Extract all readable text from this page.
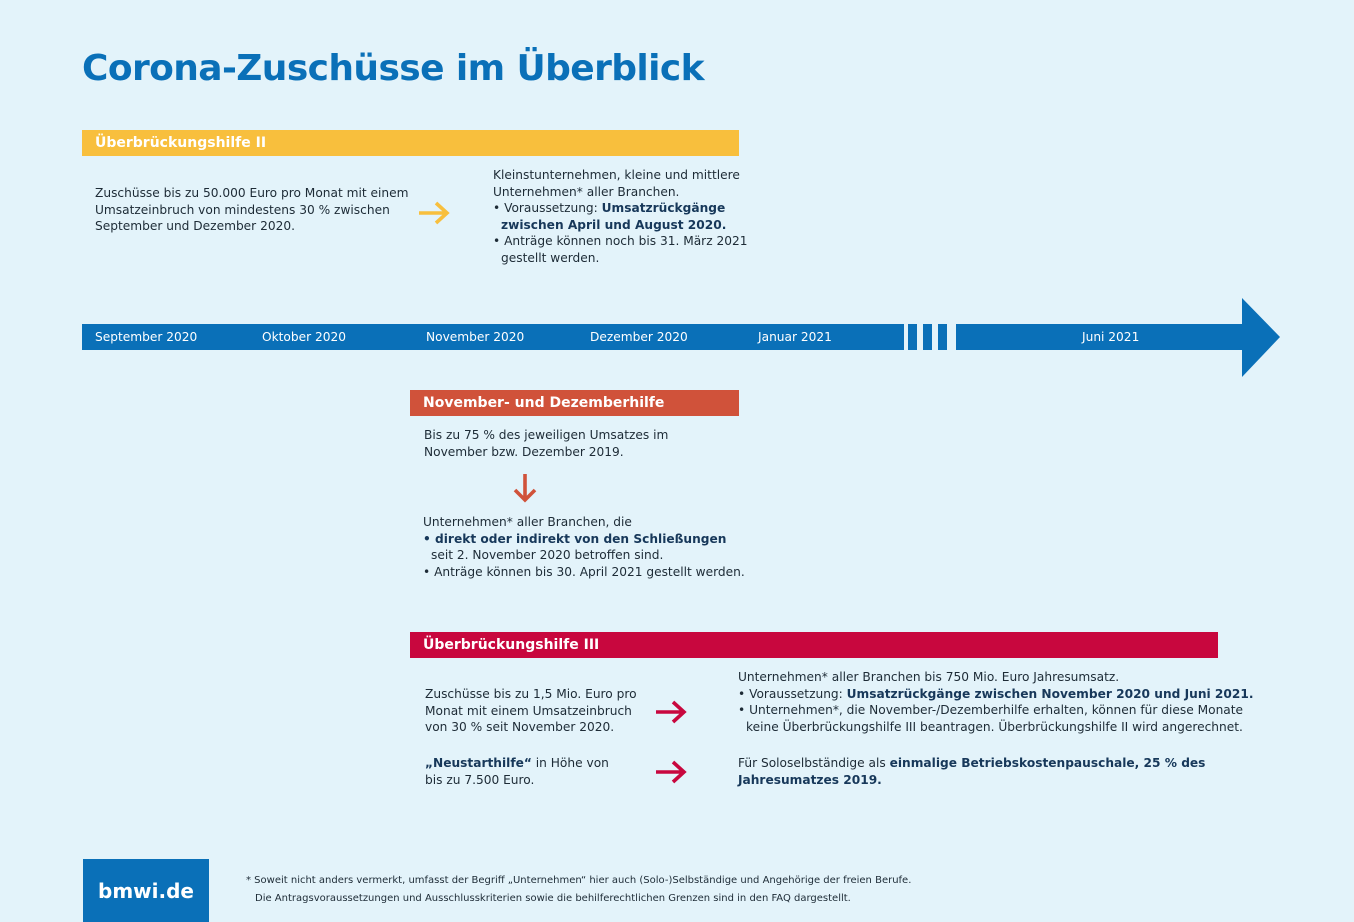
Corona-Zuschüsse im Überblick
Überbrückungshilfe II
Zuschüsse bis zu 50.000 Euro pro Monat mit einem
Umsatzeinbruch von mindestens 30 % zwischen
September und Dezember 2020.
Kleinstunternehmen, kleine und mittlere
Unternehmen* aller Branchen.
• Voraussetzung: Umsatzrückgänge
zwischen April und August 2020.
• Anträge können noch bis 31. März 2021
gestellt werden.
September 2020	Oktober 2020	November 2020	Dezember 2020	Januar 2021	Juni 2021
November- und Dezemberhilfe
Bis zu 75 % des jeweiligen Umsatzes im
November bzw. Dezember 2019.
Unternehmen* aller Branchen, die
• direkt oder indirekt von den Schließungen
seit 2. November 2020 betroffen sind.
• Anträge können bis 30. April 2021 gestellt werden.
Überbrückungshilfe III
Zuschüsse bis zu 1,5 Mio. Euro pro
Monat mit einem Umsatzeinbruch
von 30 % seit November 2020.
Unternehmen* aller Branchen bis 750 Mio. Euro Jahresumsatz.
• Voraussetzung: Umsatzrückgänge zwischen November 2020 und Juni 2021.
• Unternehmen*, die November-/Dezemberhilfe erhalten, können für diese Monate
keine Überbrückungshilfe III beantragen. Überbrückungshilfe II wird angerechnet.
„Neustarthilfe“ in Höhe von
bis zu 7.500 Euro.
Für Soloselbständige als einmalige Betriebskostenpauschale, 25 % des
Jahresumatzes 2019.
bmwi.de	* Soweit nicht anders vermerkt, umfasst der Begriff „Unternehmen“ hier auch (Solo-)Selbständige und Angehörige der freien Berufe.
Die Antragsvoraussetzungen und Ausschlusskriterien sowie die behilferechtlichen Grenzen sind in den FAQ dargestellt.
